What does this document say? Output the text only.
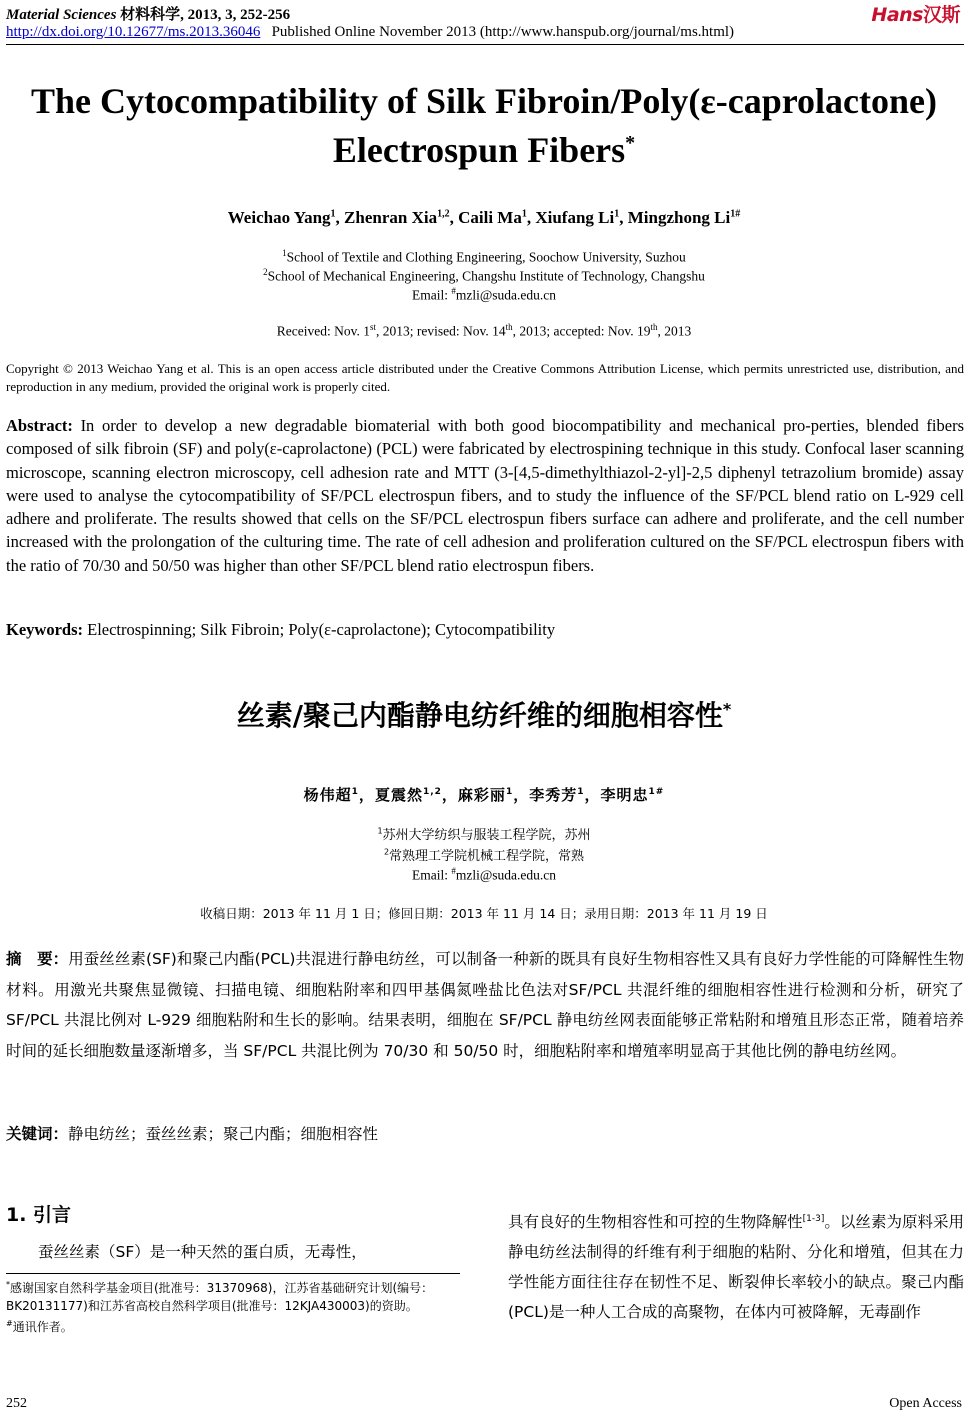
Material Sciences 材料科学, 2013, 3, 252-256	Hans汉斯
http://dx.doi.org/10.12677/ms.2013.36046 Published Online November 2013 (http://www.hanspub.org/journal/ms.html)
The Cytocompatibility of Silk Fibroin/Poly(ε-caprolactone)
Electrospun Fibers*
Weichao Yang$^1$, Zhenran Xia$^{1,2}$, Caili Ma$^1$, Xiufang Li$^1$, Mingzhong $Li^{1\#}$
$^1$School of Textile and Clothing Engineering, Soochow University, Suzhou
$^2$School of Mechanical Engineering, Changshu Institute of Technology, Changshu
Email: #mzli@suda.edu.cn
Received: Nov. 1st, 2013; revised: Nov. 14th, 2013; accepted: Nov. 19th, 2013
Copyright © 2013 Weichao Yang et al. This is an open access article distributed under the Creative Commons Attribution License, which permits unrestricted use, distribution, and reproduction in any medium, provided the original work is properly cited.
Abstract: In order to develop a new degradable biomaterial with both good biocompatibility and mechanical pro-perties, blended fibers composed of silk fibroin (SF) and poly(ε-caprolactone) (PCL) were fabricated by electrospining technique in this study. Confocal laser scanning microscope, scanning electron microscopy, cell adhesion rate and MTT (3-[4,5-dimethylthiazol-2-yl]-2,5 diphenyl tetrazolium bromide) assay were used to analyse the cytocompatibility of SF/PCL electrospun fibers, and to study the influence of the SF/PCL blend ratio on L-929 cell adhere and proliferate. The results showed that cells on the SF/PCL electrospun fibers surface can adhere and proliferate, and the cell number increased with the prolongation of the culturing time. The rate of cell adhesion and proliferation cultured on the SF/PCL electrospun fibers with the ratio of 70/30 and 50/50 was higher than other SF/PCL blend ratio electrospun fibers.
Keywords: Electrospinning; Silk Fibroin; Poly(ε-caprolactone); Cytocompatibility
丝素/聚己内酯静电纺纤维的细胞相容性*
杨伟超$^1$，夏震然$^{1,2}$，麻彩丽$^1$，李秀芳$^1$，李明忠$^{1\#}$
$^1$苏州大学纺织与服装工程学院，苏州
$^2$常熟理工学院机械工程学院，常熟
Email: #mzli@suda.edu.cn
收稿日期：2013 年 11 月 1 日；修回日期：2013 年 11 月 14 日；录用日期：2013 年 11 月 19 日
摘　要：用蚕丝丝素(SF)和聚己内酯(PCL)共混进行静电纺丝，可以制备一种新的既具有良好生物相容性又具有良好力学性能的可降解性生物材料。用激光共聚焦显微镜、扫描电镜、细胞粘附率和四甲基偶氮唑盐比色法对SF/PCL 共混纤维的细胞相容性进行检测和分析，研究了 SF/PCL 共混比例对 L-929 细胞粘附和生长的影响。结果表明，细胞在 SF/PCL 静电纺丝网表面能够正常粘附和增殖且形态正常，随着培养时间的延长细胞数量逐渐增多，当 SF/PCL 共混比例为 70/30 和 50/50 时，细胞粘附率和增殖率明显高于其他比例的静电纺丝网。
关键词：静电纺丝；蚕丝丝素；聚己内酯；细胞相容性
1. 引言
蚕丝丝素（SF）是一种天然的蛋白质，无毒性，
*感谢国家自然科学基金项目(批准号：31370968)，江苏省基础研究计划(编号：BK20131177)和江苏省高校自然科学项目(批准号：12KJA430003)的资助。
#通讯作者。
具有良好的生物相容性和可控的生物降解性[1-3]。以丝素为原料采用静电纺丝法制得的纤维有利于细胞的粘附、分化和增殖，但其在力学性能方面往往存在韧性不足、断裂伸长率较小的缺点。聚己内酯(PCL)是一种人工合成的高聚物，在体内可被降解，无毒副作
252	Open Access
